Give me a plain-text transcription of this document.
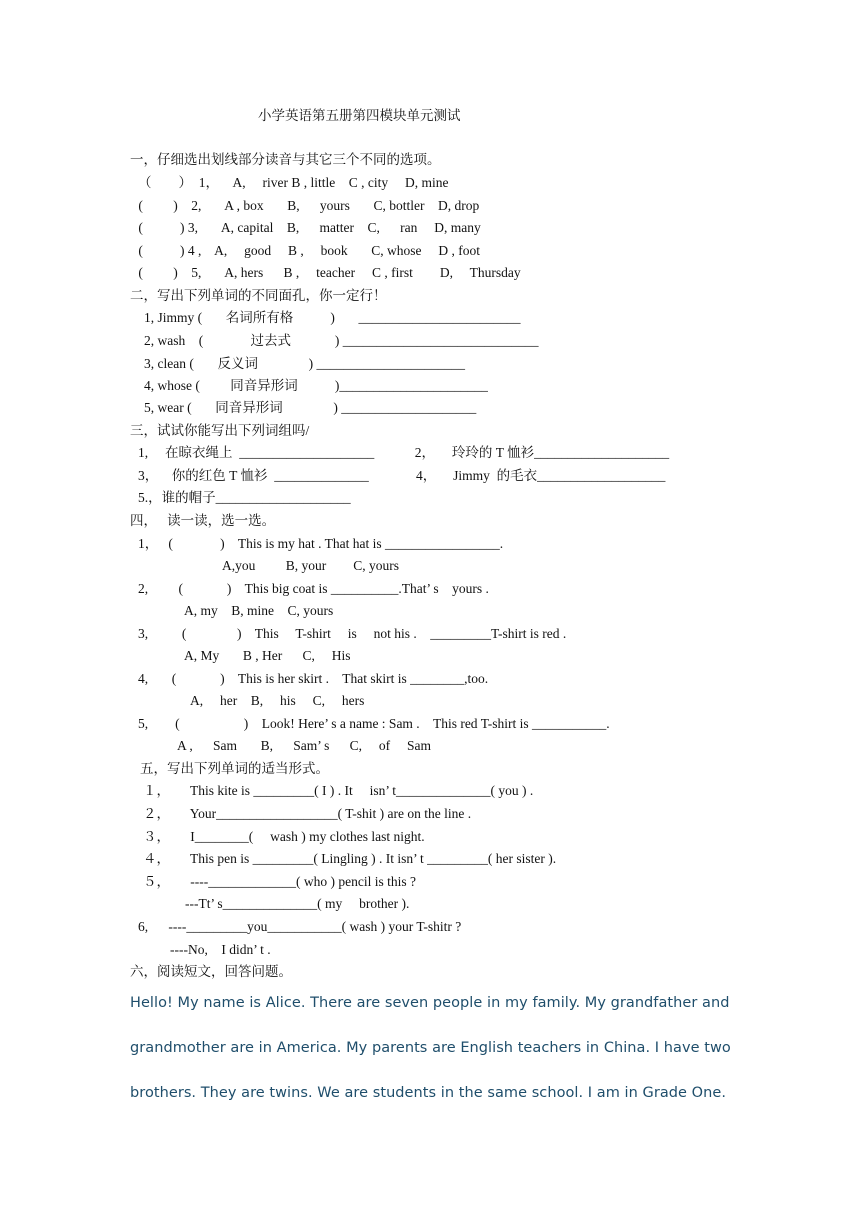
小学英语第五册第四模块单元测试
一，仔细选出划线部分读音与其它三个不同的选项。
（        ）  1，    A,     river B , little    C , city     D, mine
(         )    2,       A , box       B,      yours       C, bottler    D, drop
(           ) 3,       A, capital    B,      matter    C,      ran     D, many
(           ) 4 ,    A,     good     B ,     book       C, whose     D , foot
(         )    5,       A, hers      B ,     teacher     C , first        D,     Thursday
二，写出下列单词的不同面孔，你一定行！
1, Jimmy (       名词所有格           )       ________________________
2, wash    (              过去式             ) _____________________________
3, clean (       反义词               ) ______________________
4, whose (         同音异形词           )______________________
5, wear (       同音异形词               ) ____________________
三，试试你能写出下列词组吗/
1,     在晾衣绳上  ____________________            2，     玲玲的 T 恤衫____________________
3，    你的红色 T 恤衫  ______________              4，     Jimmy  的毛衣___________________
5.，谁的帽子____________________
四，   读一读，选一选。
1，   (              )    This is my hat . That hat is _________________.
A,you         B, your        C, yours
2,         (             )    This big coat is __________.That’ s    yours .
A, my    B, mine    C, yours
3,          (               )    This     T-shirt     is     not his .    _________T-shirt is red .
A, My       B , Her      C,     His
4,       (             )    This is her skirt .    That skirt is ________,too.
A,     her    B,     his     C,     hers
5,        (                   )    Look! Here’ s a name : Sam .    This red T-shirt is ___________.
A ,      Sam       B,      Sam’ s      C,     of     Sam
五，写出下列单词的适当形式。
１，      This kite is _________( I ) . It     isn’ t______________( you ) .
２，      Your__________________( T-shit ) are on the line .
３，      I________(     wash ) my clothes last night.
４，      This pen is _________( Lingling ) . It isn’ t _________( her sister ).
５，      ----_____________( who ) pencil is this ?
---Tt’ s______________( my     brother ).
6,      ----_________you___________( wash ) your T-shitr ?
----No,    I didn’ t .
六，阅读短文，回答问题。
Hello! My name is Alice. There are seven people in my family. My grandfather and
grandmother are in America. My parents are English teachers in China. I have two
brothers. They are twins. We are students in the same school. I am in Grade One.
